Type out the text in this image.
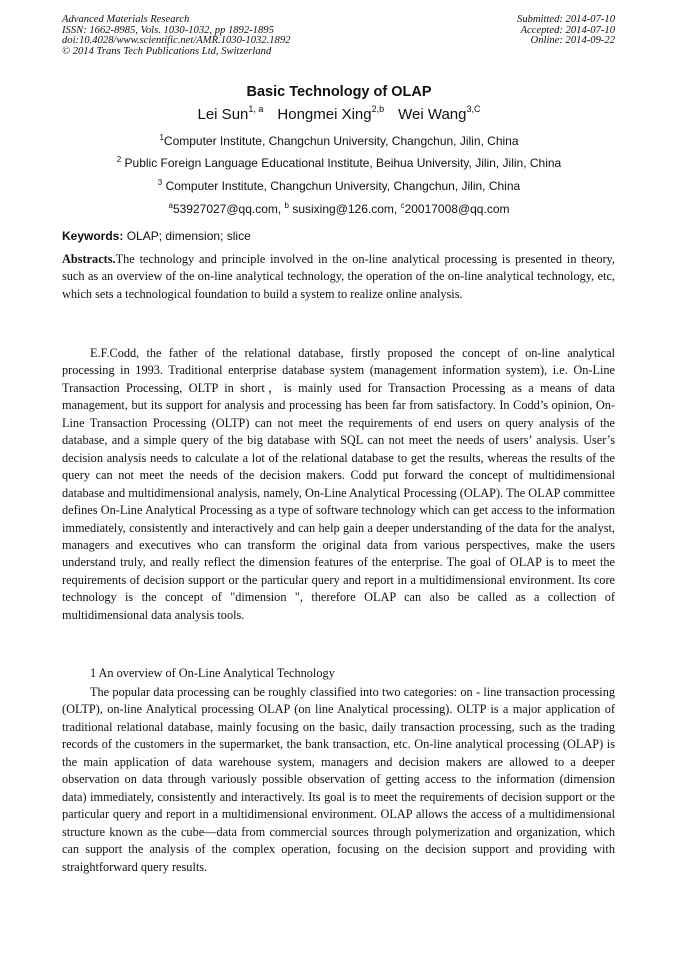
Advanced Materials Research
ISSN: 1662-8985, Vols. 1030-1032, pp 1892-1895
doi:10.4028/www.scientific.net/AMR.1030-1032.1892
© 2014 Trans Tech Publications Ltd, Switzerland
Submitted: 2014-07-10
Accepted: 2014-07-10
Online: 2014-09-22
Basic Technology of OLAP
Lei Sun$^{1, a}$ Hongmei Xing$^{2,b}$ Wei Wang$^{3,C}$
$^1$Computer Institute, Changchun University, Changchun, Jilin, China
$^2$ Public Foreign Language Educational Institute, Beihua University, Jilin, Jilin, China
$^3$ Computer Institute, Changchun University, Changchun, Jilin, China
$^a$53927027@qq.com, $^b$ susixing@126.com, $^c$20017008@qq.com
Keywords: OLAP; dimension; slice
Abstracts.The technology and principle involved in the on-line analytical processing is presented in theory, such as an overview of the on-line analytical technology, the operation of the on-line analytical technology, etc, which sets a technological foundation to build a system to realize online analysis.
E.F.Codd, the father of the relational database, firstly proposed the concept of on-line analytical processing in 1993. Traditional enterprise database system (management information system), i.e. On-Line Transaction Processing, OLTP in short，is mainly used for Transaction Processing as a means of data management, but its support for analysis and processing has been far from satisfactory. In Codd’s opinion, On-Line Transaction Processing (OLTP) can not meet the requirements of end users on query analysis of the database, and a simple query of the big database with SQL can not meet the needs of users’ analysis. User’s decision analysis needs to calculate a lot of the relational database to get the results, whereas the results of the query can not meet the needs of the decision makers. Codd put forward the concept of multidimensional database and multidimensional analysis, namely, On-Line Analytical Processing (OLAP). The OLAP committee defines On-Line Analytical Processing as a type of software technology which can get access to the information immediately, consistently and interactively and can help gain a deeper understanding of the data for the analyst, managers and executives who can transform the original data from various perspectives, make the users understand truly, and really reflect the dimension features of the enterprise. The goal of OLAP is to meet the requirements of decision support or the particular query and report in a multidimensional environment. Its core technology is the concept of "dimension ", therefore OLAP can also be called as a collection of multidimensional data analysis tools.
1 An overview of On-Line Analytical Technology
The popular data processing can be roughly classified into two categories: on - line transaction processing (OLTP), on-line Analytical processing OLAP (on line Analytical processing). OLTP is a major application of traditional relational database, mainly focusing on the basic, daily transaction processing, such as the trading records of the customers in the supermarket, the bank transaction, etc. On-line analytical processing (OLAP) is the main application of data warehouse system, managers and decision makers are allowed to a deeper observation on data through variously possible observation of getting access to the information (dimension data) immediately, consistently and interactively. Its goal is to meet the requirements of decision support or the particular query and report in a multidimensional environment. OLAP allows the access of a multidimensional structure known as the cube—data from commercial sources through polymerization and organization, which can support the analysis of the complex operation, focusing on the decision support and providing with straightforward query results.
